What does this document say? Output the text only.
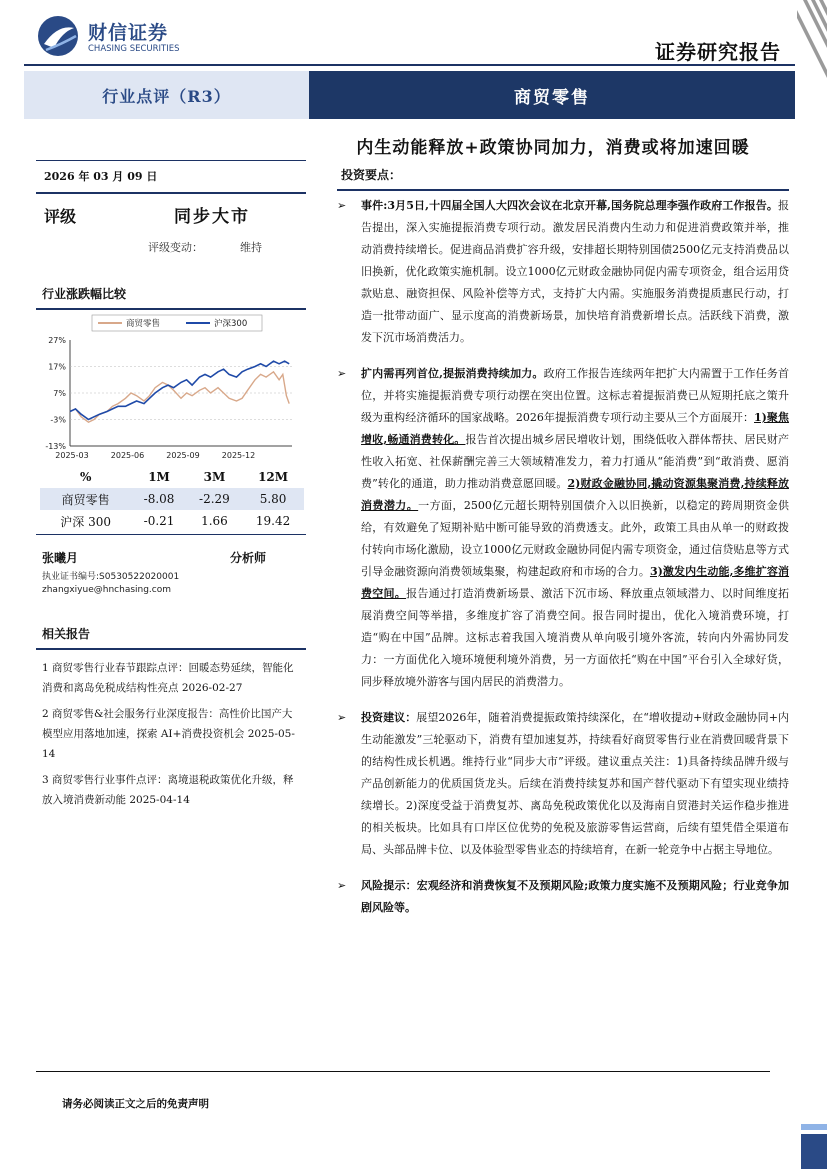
财信证券
CHASING SECURITIES	证券研究报告
行业点评（R3）	商贸零售
内生动能释放+政策协同加力，消费或将加速回暖
2026 年 03 月 09 日
评级	同步大市
评级变动：	维持
行业涨跌幅比较
27%
17%
7%
-3%
-13%
2025-03	2025-06	2025-09	2025-12
商贸零售	沪深300
%	1M	3M	12M
商贸零售	-8.08	-2.29	5.80
沪深 300	-0.21	1.66	19.42
张曦月	分析师
执业证书编号:S0530522020001
zhangxiyue@hnchasing.com
相关报告
1 商贸零售行业春节跟踪点评：回暖态势延续，智能化消费和离岛免税成结构性亮点 2026-02-27
2 商贸零售&社会服务行业深度报告：高性价比国产大模型应用落地加速，探索 AI+消费投资机会 2025-05-14
3 商贸零售行业事件点评：离境退税政策优化升级，释放入境消费新动能 2025-04-14
投资要点：
➢ 事件:3月5日,十四届全国人大四次会议在北京开幕,国务院总理李强作政府工作报告。报告提出，深入实施提振消费专项行动。激发居民消费内生动力和促进消费政策并举，推动消费持续增长。促进商品消费扩容升级，安排超长期特别国债2500亿元支持消费品以旧换新，优化政策实施机制。设立1000亿元财政金融协同促内需专项资金，组合运用贷款贴息、融资担保、风险补偿等方式，支持扩大内需。实施服务消费提质惠民行动，打造一批带动面广、显示度高的消费新场景，加快培育消费新增长点。活跃线下消费，激发下沉市场消费活力。
➢ 扩内需再列首位,提振消费持续加力。政府工作报告连续两年把扩大内需置于工作任务首位，并将实施提振消费专项行动摆在突出位置。这标志着提振消费已从短期托底之策升级为重构经济循环的国家战略。2026年提振消费专项行动主要从三个方面展开：1)聚焦增收,畅通消费转化。报告首次提出城乡居民增收计划，围绕低收入群体帮扶、居民财产性收入拓宽、社保薪酬完善三大领域精准发力，着力打通从“能消费”到“敢消费、愿消费”转化的通道，助力推动消费意愿回暖。2)财政金融协同,撬动资源集聚消费,持续释放消费潜力。一方面，2500亿元超长期特别国债介入以旧换新，以稳定的跨周期资金供给，有效避免了短期补贴中断可能导致的消费透支。此外，政策工具由从单一的财政拨付转向市场化激励，设立1000亿元财政金融协同促内需专项资金，通过信贷贴息等方式引导金融资源向消费领域集聚，构建起政府和市场的合力。3)激发内生动能,多维扩容消费空间。报告通过打造消费新场景、激活下沉市场、释放重点领域潜力、以时间维度拓展消费空间等举措，多维度扩容了消费空间。报告同时提出，优化入境消费环境，打造“购在中国”品牌。这标志着我国入境消费从单向吸引境外客流，转向内外需协同发力：一方面优化入境环境便利境外消费，另一方面依托“购在中国”平台引入全球好货，同步释放境外游客与国内居民的消费潜力。
➢ 投资建议：展望2026年，随着消费提振政策持续深化，在“增收提动+财政金融协同+内生动能激发”三轮驱动下，消费有望加速复苏，持续看好商贸零售行业在消费回暖背景下的结构性成长机遇。维持行业“同步大市”评级。建议重点关注：1)具备持续品牌升级与产品创新能力的优质国货龙头。后续在消费持续复苏和国产替代驱动下有望实现业绩持续增长。2)深度受益于消费复苏、离岛免税政策优化以及海南自贸港封关运作稳步推进的相关板块。比如具有口岸区位优势的免税及旅游零售运营商，后续有望凭借全渠道布局、头部品牌卡位、以及体验型零售业态的持续培育，在新一轮竞争中占据主导地位。
➢ 风险提示：宏观经济和消费恢复不及预期风险;政策力度实施不及预期风险；行业竞争加剧风险等。
请务必阅读正文之后的免责声明
